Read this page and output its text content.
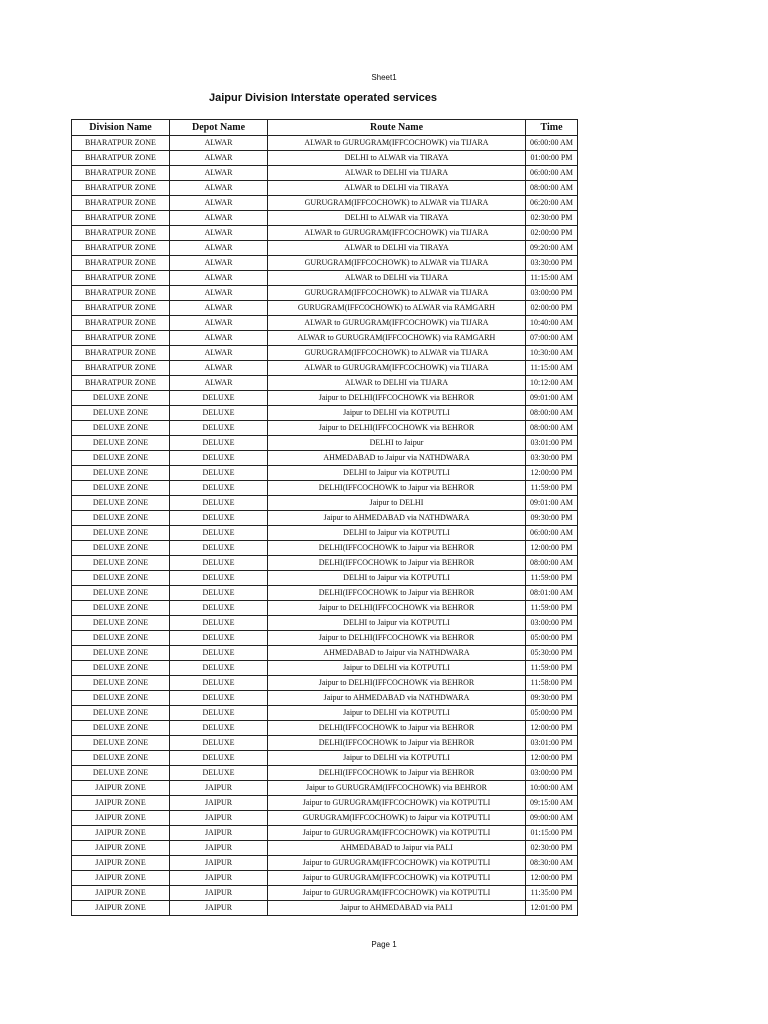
Sheet1
Jaipur Division Interstate operated services
Division Name	Depot Name	Route Name	Time
BHARATPUR ZONE	ALWAR	ALWAR to GURUGRAM(IFFCOCHOWK) via TIJARA	06:00:00 AM
BHARATPUR ZONE	ALWAR	DELHI to ALWAR via TIRAYA	01:00:00 PM
BHARATPUR ZONE	ALWAR	ALWAR to DELHI via TIJARA	06:00:00 AM
BHARATPUR ZONE	ALWAR	ALWAR to DELHI via TIRAYA	08:00:00 AM
BHARATPUR ZONE	ALWAR	GURUGRAM(IFFCOCHOWK) to ALWAR via TIJARA	06:20:00 AM
BHARATPUR ZONE	ALWAR	DELHI to ALWAR via TIRAYA	02:30:00 PM
BHARATPUR ZONE	ALWAR	ALWAR to GURUGRAM(IFFCOCHOWK) via TIJARA	02:00:00 PM
BHARATPUR ZONE	ALWAR	ALWAR to DELHI via TIRAYA	09:20:00 AM
BHARATPUR ZONE	ALWAR	GURUGRAM(IFFCOCHOWK) to ALWAR via TIJARA	03:30:00 PM
BHARATPUR ZONE	ALWAR	ALWAR to DELHI via TIJARA	11:15:00 AM
BHARATPUR ZONE	ALWAR	GURUGRAM(IFFCOCHOWK) to ALWAR via TIJARA	03:00:00 PM
BHARATPUR ZONE	ALWAR	GURUGRAM(IFFCOCHOWK) to ALWAR via RAMGARH	02:00:00 PM
BHARATPUR ZONE	ALWAR	ALWAR to GURUGRAM(IFFCOCHOWK) via TIJARA	10:40:00 AM
BHARATPUR ZONE	ALWAR	ALWAR to GURUGRAM(IFFCOCHOWK) via RAMGARH	07:00:00 AM
BHARATPUR ZONE	ALWAR	GURUGRAM(IFFCOCHOWK) to ALWAR via TIJARA	10:30:00 AM
BHARATPUR ZONE	ALWAR	ALWAR to GURUGRAM(IFFCOCHOWK) via TIJARA	11:15:00 AM
BHARATPUR ZONE	ALWAR	ALWAR to DELHI via TIJARA	10:12:00 AM
DELUXE ZONE	DELUXE	Jaipur to DELHI(IFFCOCHOWK via BEHROR	09:01:00 AM
DELUXE ZONE	DELUXE	Jaipur to DELHI via KOTPUTLI	08:00:00 AM
DELUXE ZONE	DELUXE	Jaipur to DELHI(IFFCOCHOWK via BEHROR	08:00:00 AM
DELUXE ZONE	DELUXE	DELHI to Jaipur	03:01:00 PM
DELUXE ZONE	DELUXE	AHMEDABAD to Jaipur via NATHDWARA	03:30:00 PM
DELUXE ZONE	DELUXE	DELHI to Jaipur via KOTPUTLI	12:00:00 PM
DELUXE ZONE	DELUXE	DELHI(IFFCOCHOWK to Jaipur via BEHROR	11:59:00 PM
DELUXE ZONE	DELUXE	Jaipur to DELHI	09:01:00 AM
DELUXE ZONE	DELUXE	Jaipur to AHMEDABAD via NATHDWARA	09:30:00 PM
DELUXE ZONE	DELUXE	DELHI to Jaipur via KOTPUTLI	06:00:00 AM
DELUXE ZONE	DELUXE	DELHI(IFFCOCHOWK to Jaipur via BEHROR	12:00:00 PM
DELUXE ZONE	DELUXE	DELHI(IFFCOCHOWK to Jaipur via BEHROR	08:00:00 AM
DELUXE ZONE	DELUXE	DELHI to Jaipur via KOTPUTLI	11:59:00 PM
DELUXE ZONE	DELUXE	DELHI(IFFCOCHOWK to Jaipur via BEHROR	08:01:00 AM
DELUXE ZONE	DELUXE	Jaipur to DELHI(IFFCOCHOWK via BEHROR	11:59:00 PM
DELUXE ZONE	DELUXE	DELHI to Jaipur via KOTPUTLI	03:00:00 PM
DELUXE ZONE	DELUXE	Jaipur to DELHI(IFFCOCHOWK via BEHROR	05:00:00 PM
DELUXE ZONE	DELUXE	AHMEDABAD to Jaipur via NATHDWARA	05:30:00 PM
DELUXE ZONE	DELUXE	Jaipur to DELHI via KOTPUTLI	11:59:00 PM
DELUXE ZONE	DELUXE	Jaipur to DELHI(IFFCOCHOWK via BEHROR	11:58:00 PM
DELUXE ZONE	DELUXE	Jaipur to AHMEDABAD via NATHDWARA	09:30:00 PM
DELUXE ZONE	DELUXE	Jaipur to DELHI via KOTPUTLI	05:00:00 PM
DELUXE ZONE	DELUXE	DELHI(IFFCOCHOWK to Jaipur via BEHROR	12:00:00 PM
DELUXE ZONE	DELUXE	DELHI(IFFCOCHOWK to Jaipur via BEHROR	03:01:00 PM
DELUXE ZONE	DELUXE	Jaipur to DELHI via KOTPUTLI	12:00:00 PM
DELUXE ZONE	DELUXE	DELHI(IFFCOCHOWK to Jaipur via BEHROR	03:00:00 PM
JAIPUR ZONE	JAIPUR	Jaipur to GURUGRAM(IFFCOCHOWK) via BEHROR	10:00:00 AM
JAIPUR ZONE	JAIPUR	Jaipur to GURUGRAM(IFFCOCHOWK) via KOTPUTLI	09:15:00 AM
JAIPUR ZONE	JAIPUR	GURUGRAM(IFFCOCHOWK) to Jaipur via KOTPUTLI	09:00:00 AM
JAIPUR ZONE	JAIPUR	Jaipur to GURUGRAM(IFFCOCHOWK) via KOTPUTLI	01:15:00 PM
JAIPUR ZONE	JAIPUR	AHMEDABAD to Jaipur via PALI	02:30:00 PM
JAIPUR ZONE	JAIPUR	Jaipur to GURUGRAM(IFFCOCHOWK) via KOTPUTLI	08:30:00 AM
JAIPUR ZONE	JAIPUR	Jaipur to GURUGRAM(IFFCOCHOWK) via KOTPUTLI	12:00:00 PM
JAIPUR ZONE	JAIPUR	Jaipur to GURUGRAM(IFFCOCHOWK) via KOTPUTLI	11:35:00 PM
JAIPUR ZONE	JAIPUR	Jaipur to AHMEDABAD via PALI	12:01:00 PM
Page 1
